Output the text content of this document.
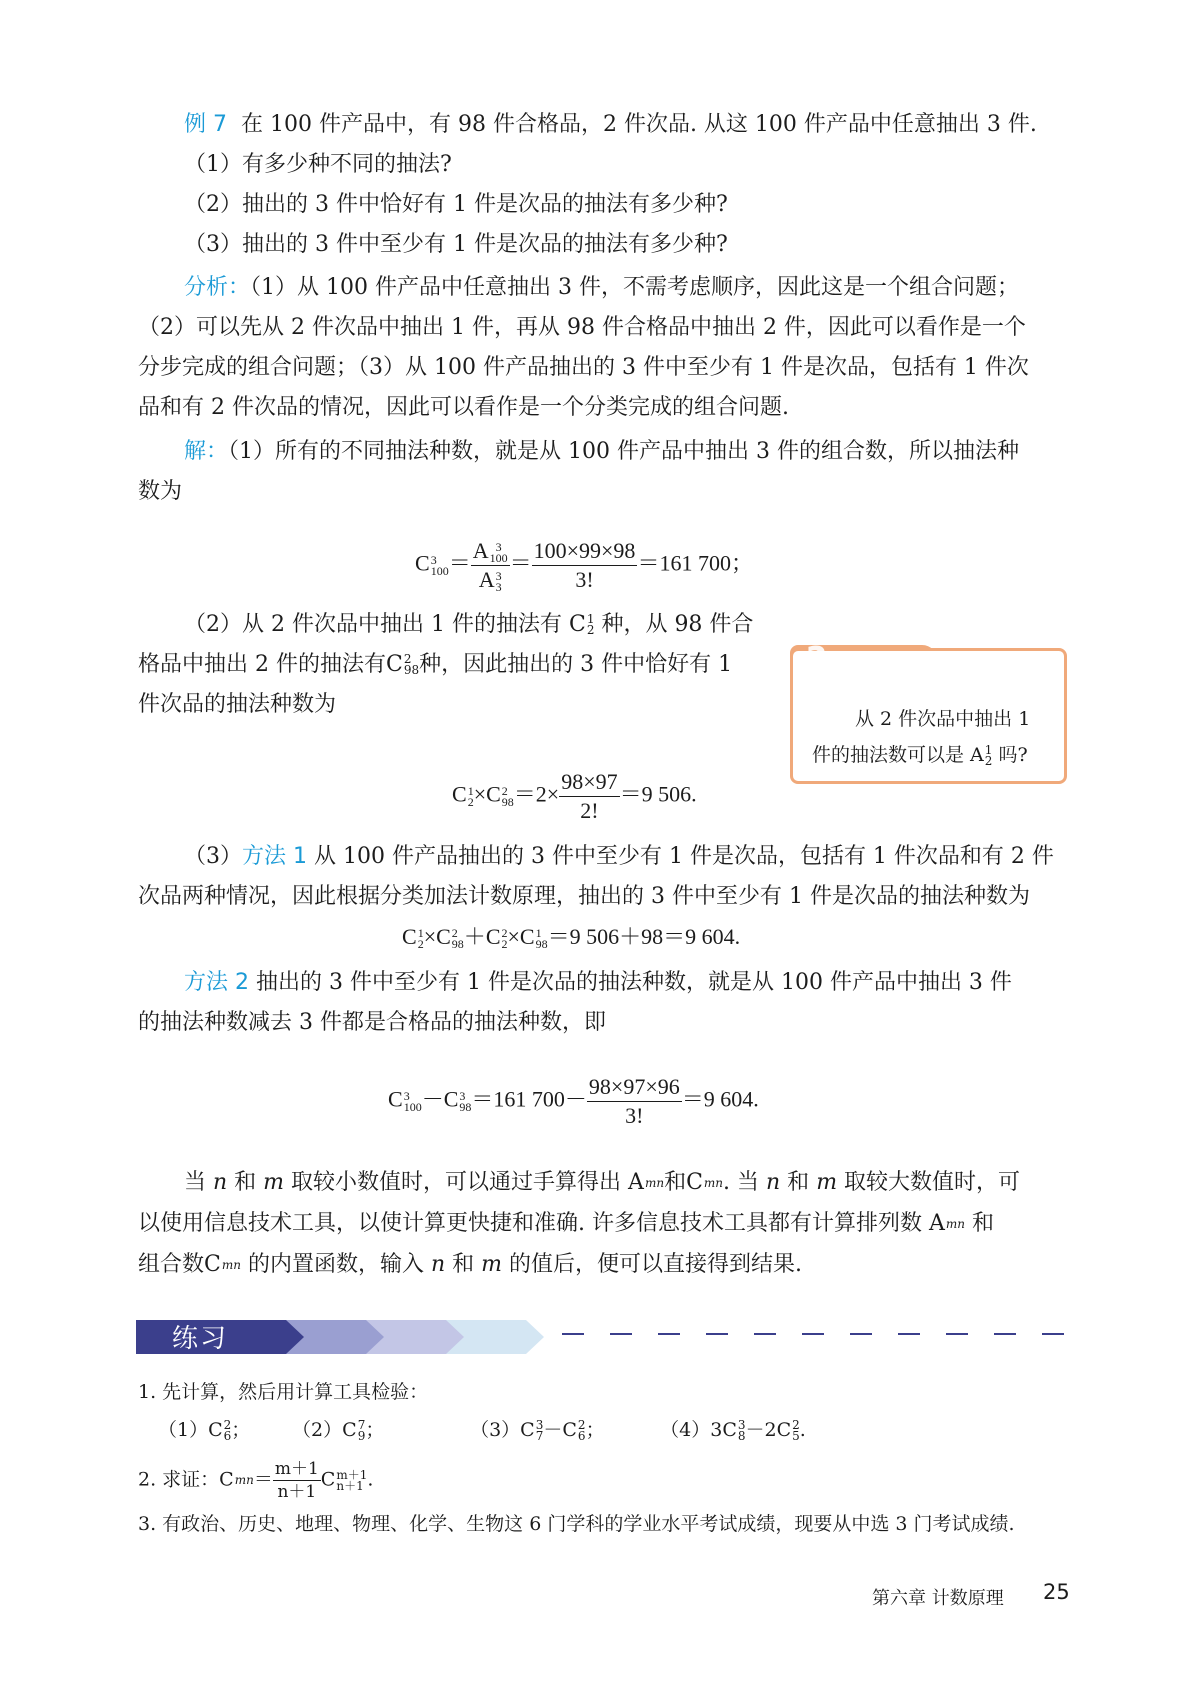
例 7 在 100 件产品中，有 98 件合格品，2 件次品. 从这 100 件产品中任意抽出 3 件.
（1）有多少种不同的抽法?
（2）抽出的 3 件中恰好有 1 件是次品的抽法有多少种?
（3）抽出的 3 件中至少有 1 件是次品的抽法有多少种?
分析：（1）从 100 件产品中任意抽出 3 件，不需考虑顺序，因此这是一个组合问题；
（2）可以先从 2 件次品中抽出 1 件，再从 98 件合格品中抽出 2 件，因此可以看作是一个
分步完成的组合问题；（3）从 100 件产品抽出的 3 件中至少有 1 件是次品，包括有 1 件次
品和有 2 件次品的情况，因此可以看作是一个分类完成的组合问题.
解：（1）所有的不同抽法种数，就是从 100 件产品中抽出 3 件的组合数，所以抽法种
数为
C 3
100 ＝ A 3
100
A 3
$3 = \frac{100\times 99\times 98}{3!} =161$ 700；
（2）从 2 件次品中抽出 1 件的抽法有 C 1
2 种，从 98 件合
格品中抽出 2 件的抽法有C 2
98 种，因此抽出的 3 件中恰好有 1
件次品的抽法种数为
C 1
2 ×C 2
$98 =2\times \frac{98\times 97}{2!} =9$ 506.
?
从 2 件次品中抽出 1
件的抽法数可以是 A 1
2 吗?
（3）方法 1 从 100 件产品抽出的 3 件中至少有 1 件是次品，包括有 1 件次品和有 2 件
次品两种情况，因此根据分类加法计数原理，抽出的 3 件中至少有 1 件是次品的抽法种数为
C 1
2 ×C 2
98 ＋C 2
2 ×C 1
98 ＝9 506＋98＝9 604.
方法 2 抽出的 3 件中至少有 1 件是次品的抽法种数，就是从 100 件产品中抽出 3 件
的抽法种数减去 3 件都是合格品的抽法种数，即
C 3
100 －C 3
98 ＝161 $700- \frac{98\times 97\times 96}{3!} =9$ 604.
当 n 和 m 取较小数值时，可以通过手算得出 Amn和Cmn. 当 n 和 m 取较大数值时，可
以使用信息技术工具，以使计算更快捷和准确. 许多信息技术工具都有计算排列数 Amn 和
组合数Cmn 的内置函数，输入 n 和 m 的值后，便可以直接得到结果.
练习
1. 先计算，然后用计算工具检验：
（1）C 2
6 ； （2）C 7
9 ；	（3）C 3
7 －C 2
6 ；	（4）3C 3
8 －2C 2
5 .
2. 求证：$Cmn= \frac{m+1}{n+1}$ C m＋1
n＋1 .
3. 有政治、历史、地理、物理、化学、生物这 6 门学科的学业水平考试成绩，现要从中选 3 门考试成绩.
第六章 计数原理 25
